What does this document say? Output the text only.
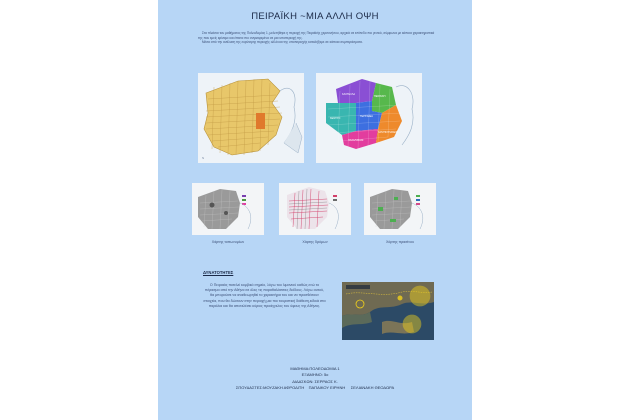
ΠΕΙΡΑΪΚΗ ~ΜΙΑ ΑΛΛΗ ΟΨΗ

Στα πλαίσια του μαθήματος της Πολεοδομίας 1, μελετήθηκε η περιοχή της Πειραϊκής χερσονήσου, αρχικά σε επίπεδο πιο γενικό, σύμφωνα με κάποια χαρακτηριστικά της που εμείς κρίναμε και έπειτα πιο συγκεκριμένα σε μια υποπεριοχή της.

Μέσα από την ανάλυση της ευρύτερης περιοχής αλλά και της υποπεριοχής καταλήξαμε σε κάποια συμπεράσματα.

N
ΚΑΣΤΕΛΛΑ
ΠΕΙΡΑΙΚΗ
ΚΕΝΤΡΟ
ΤΕΡΨΙΘΕΑ
ΠΑΣΑΛΙΜΑΝΙ
ΧΑΤΖΗΚΥΡΙΑΚΕΙΟ
Χάρτης τοπωνυμίων	Χάρτης δρόμων	Χάρτης πρασίνου
ΔΥΝΑΤΟΤΗΤΕΣ
Ο Πειραιάς ποτελεί κομβικό σημείο, λόγω του λιμανιού καθώς ενώ το πέρασμα από την Αθήνα σε όλες τις παραθαλάσσιες διόδους. Λόγω αυτού, θα μπορούσε να αναθεωρηθεί το χαρακτήρα του και να προσθέσουν στοιχεία, που θα δώσουν στην περιοχή μια πιο τουριστική διάθεση,ειδικά στα παράλια και θα αποτελέσει κύριος προάγγελος του ύφους της Αθήνας.
ΜΑΘΗΜΑ:ΠΟΛΕΟΔΟΜΙΑ 1
ΕΞΑΜΗΝΟ: 5ο
ΔΙΔΑΣΚΩΝ: ΣΕΡΡΑΟΣ Κ.
ΣΠΟΥΔΑΣΤΕΣ:ΜΟΥΖΑΚΗ ΑΦΡΟΔΙΤΗ    ΠΑΠΑΙΚΟΥ ΕΙΡΗΝΗ     ΣΕΛΙΑΝΑΚΗ ΘΕΟΔΩΡΑ
